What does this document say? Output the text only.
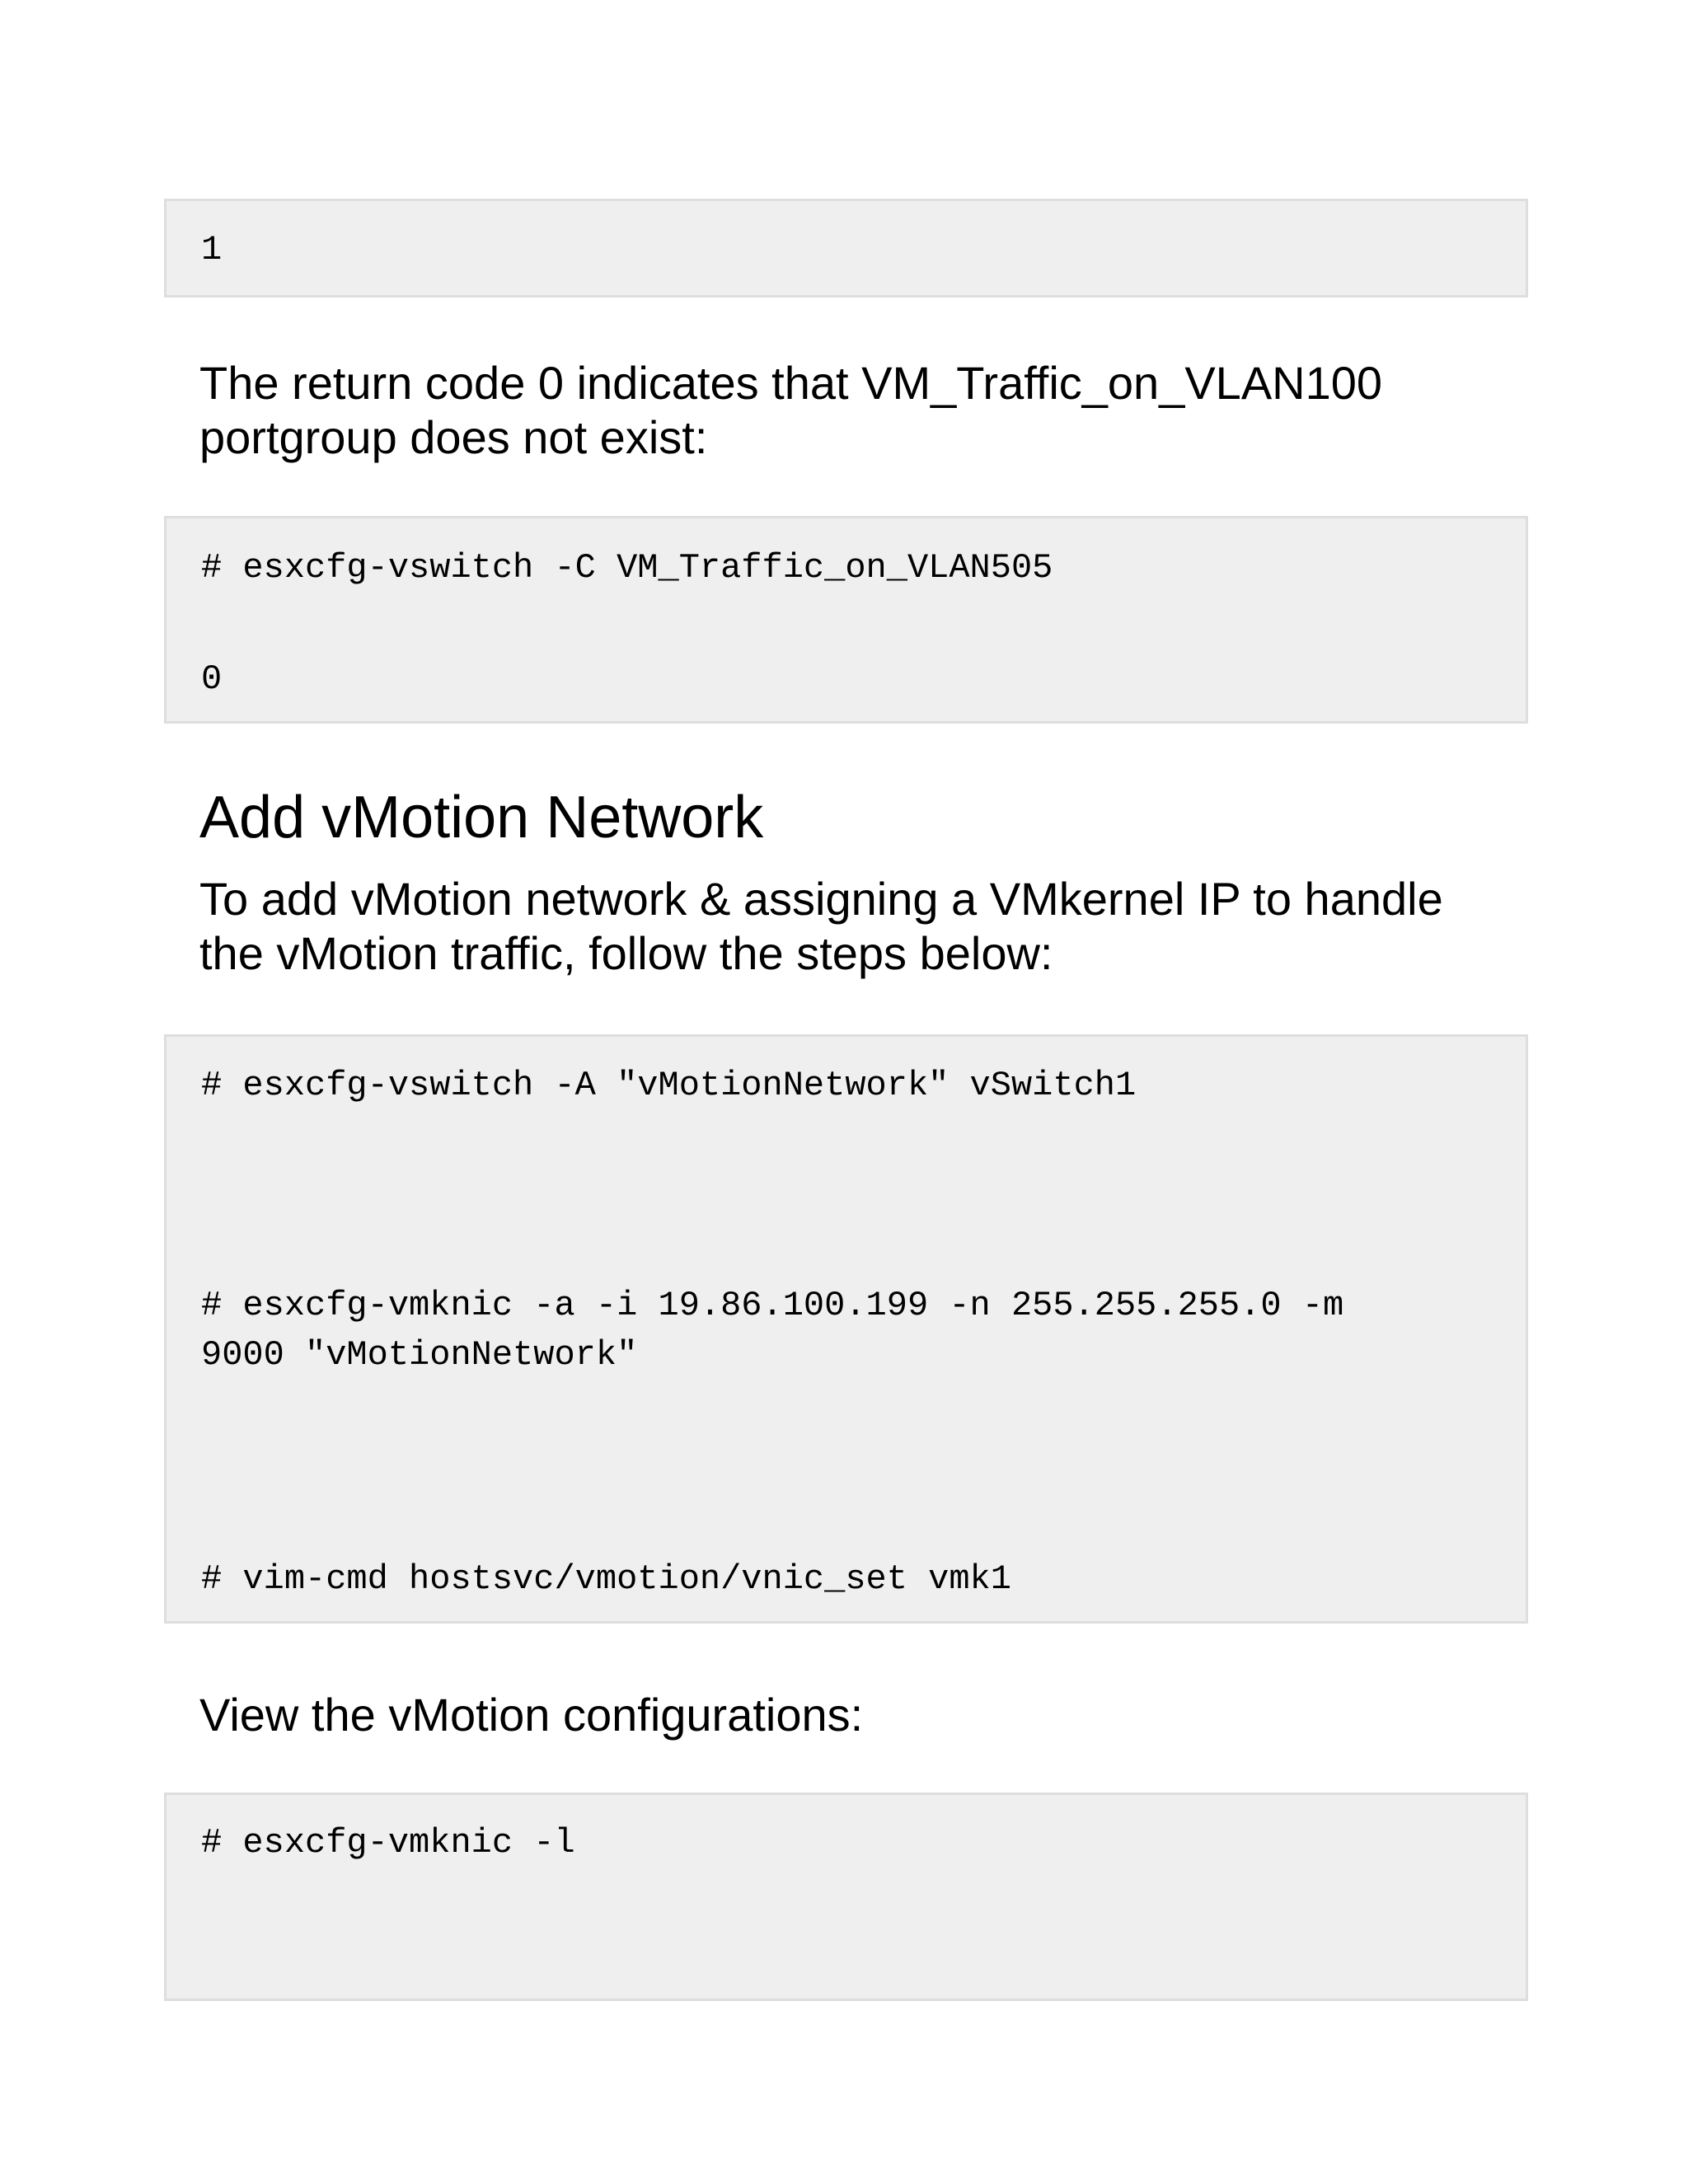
1

The return code 0 indicates that VM_Traffic_on_VLAN100
portgroup does not exist:

# esxcfg-vswitch -C VM_Traffic_on_VLAN505
0
Add vMotion Network

To add vMotion network & assigning a VMkernel IP to handle
the vMotion traffic, follow the steps below:

# esxcfg-vswitch -A "vMotionNetwork" vSwitch1
# esxcfg-vmknic -a -i 19.86.100.199 -n 255.255.255.0 -m
9000 "vMotionNetwork"
# vim-cmd hostsvc/vmotion/vnic_set vmk1

View the vMotion configurations:

# esxcfg-vmknic -l
